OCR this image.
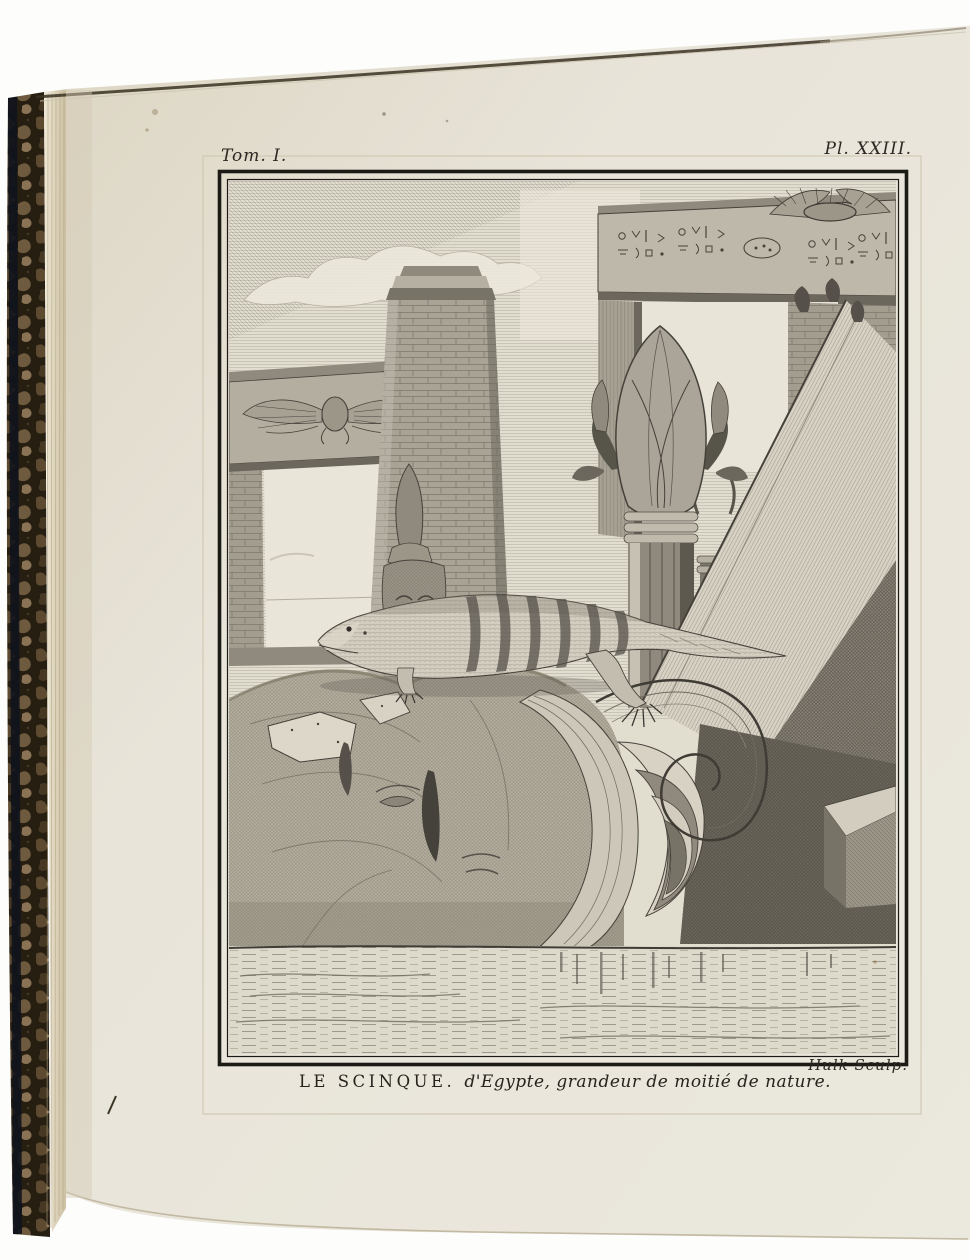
Tom. I.	Pl. XXIII.
LE SCINQUE. d'Egypte, grandeur de moitié de nature.
Hulk Sculp.
